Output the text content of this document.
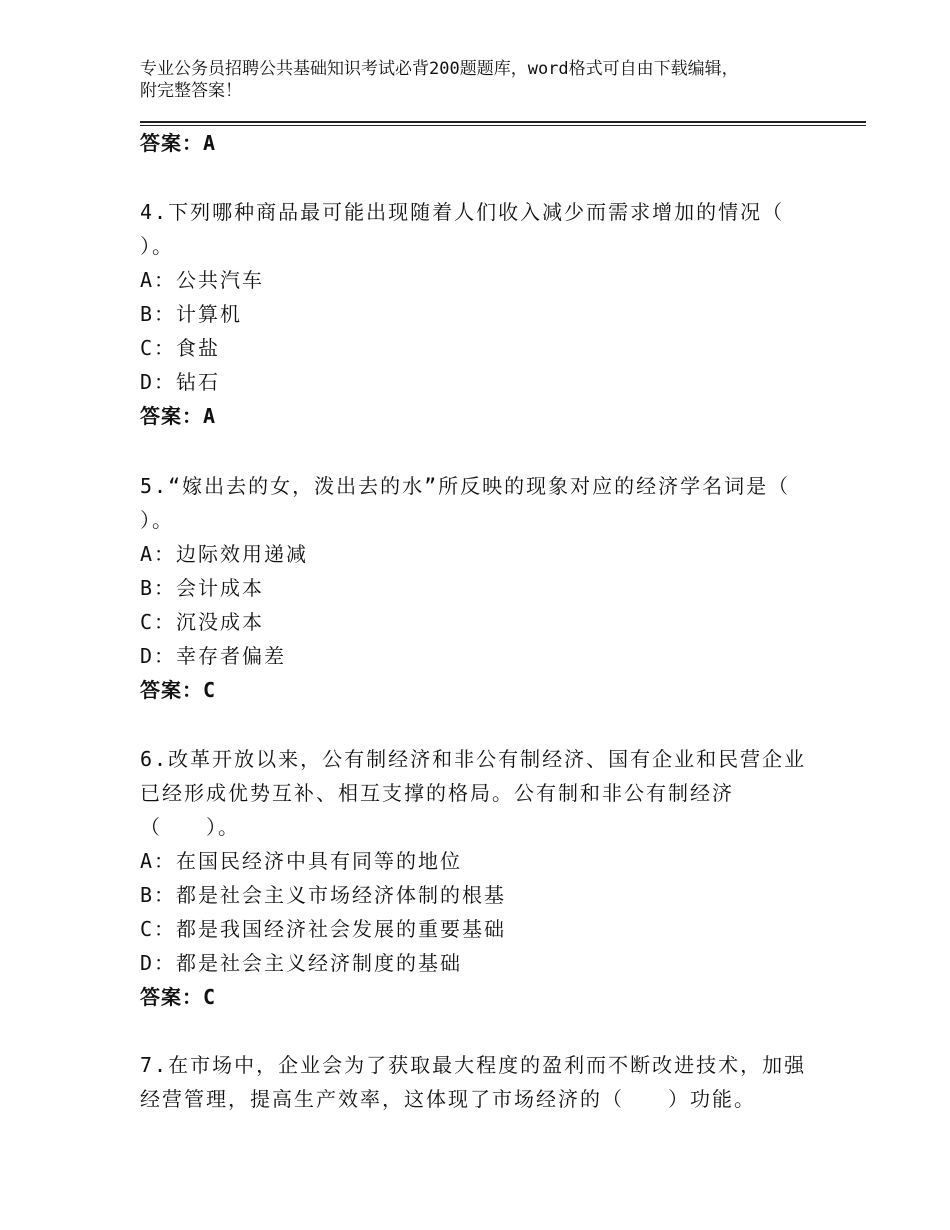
专业公务员招聘公共基础知识考试必背200题题库，word格式可自由下载编辑，
附完整答案！
答案：A
4.下列哪种商品最可能出现随着人们收入减少而需求增加的情况（
）。
A：公共汽车
B：计算机
C：食盐
D：钻石
答案：A
5.“嫁出去的女，泼出去的水”所反映的现象对应的经济学名词是（
）。
A：边际效用递减
B：会计成本
C：沉没成本
D：幸存者偏差
答案：C
6.改革开放以来，公有制经济和非公有制经济、国有企业和民营企业
已经形成优势互补、相互支撑的格局。公有制和非公有制经济
（　　）。
A：在国民经济中具有同等的地位
B：都是社会主义市场经济体制的根基
C：都是我国经济社会发展的重要基础
D：都是社会主义经济制度的基础
答案：C
7.在市场中，企业会为了获取最大程度的盈利而不断改进技术，加强
经营管理，提高生产效率，这体现了市场经济的（　　）功能。
